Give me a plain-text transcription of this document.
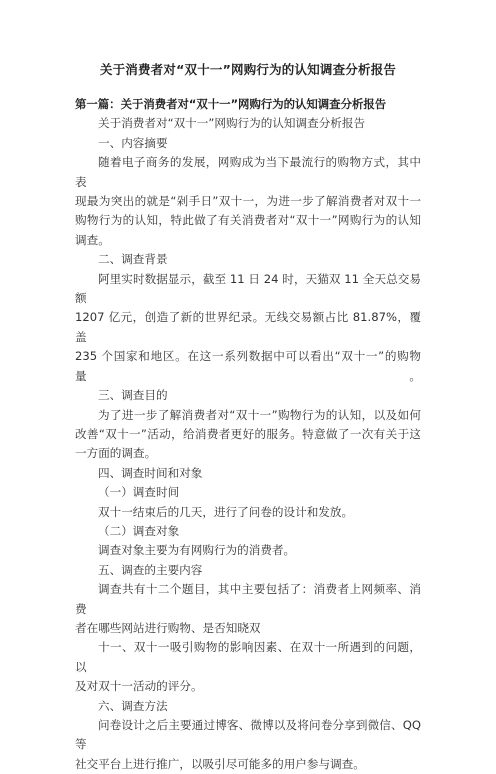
关于消费者对“双十一”网购行为的认知调查分析报告
第一篇：关于消费者对“双十一”网购行为的认知调查分析报告
关于消费者对“双十一”网购行为的认知调查分析报告
一、内容摘要
随着电子商务的发展，网购成为当下最流行的购物方式，其中表
现最为突出的就是“剁手日”双十一，为进一步了解消费者对双十一
购物行为的认知，特此做了有关消费者对“双十一”网购行为的认知
调查。
二、调查背景
阿里实时数据显示，截至 11 日 24 时，天猫双 11 全天总交易额
1207 亿元，创造了新的世界纪录。无线交易额占比 81.87%，覆盖
235 个国家和地区。在这一系列数据中可以看出“双十一”的购物量。
三、调查目的
为了进一步了解消费者对“双十一”购物行为的认知，以及如何
改善“双十一”活动，给消费者更好的服务。特意做了一次有关于这
一方面的调查。
四、调查时间和对象
（一）调查时间
双十一结束后的几天，进行了问卷的设计和发放。
（二）调查对象
调查对象主要为有网购行为的消费者。
五、调查的主要内容
调查共有十二个题目，其中主要包括了：消费者上网频率、消费
者在哪些网站进行购物、是否知晓双
十一、双十一吸引购物的影响因素、在双十一所遇到的问题，以
及对双十一活动的评分。
六、调查方法
问卷设计之后主要通过博客、微博以及将问卷分享到微信、QQ 等
社交平台上进行推广，以吸引尽可能多的用户参与调查。
